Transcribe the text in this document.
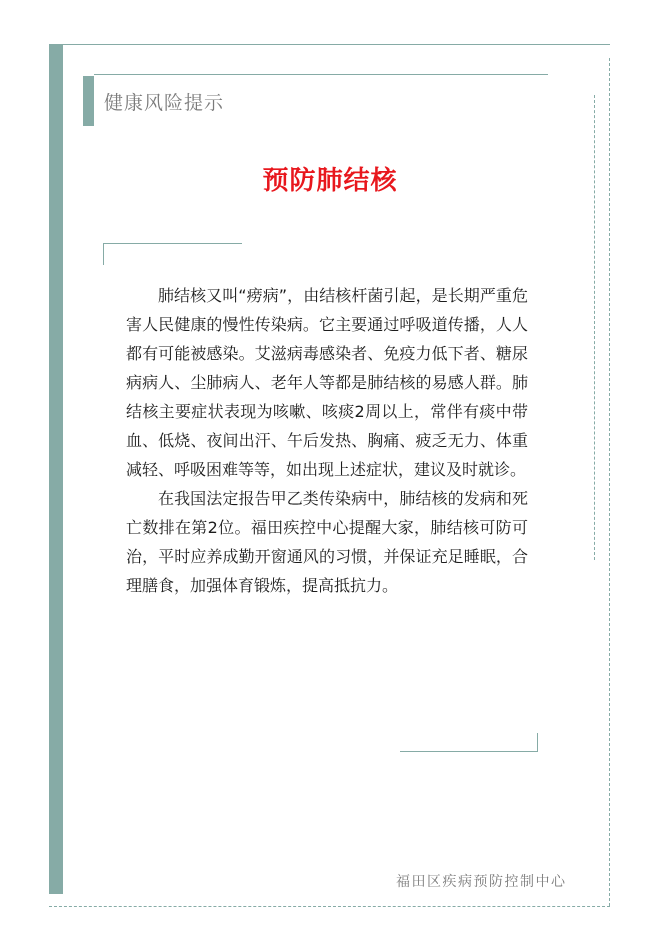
健康风险提示
预防肺结核

肺结核又叫“痨病”，由结核杆菌引起，是长期严重危害人民健康的慢性传染病。它主要通过呼吸道传播，人人都有可能被感染。艾滋病毒感染者、免疫力低下者、糖尿病病人、尘肺病人、老年人等都是肺结核的易感人群。肺结核主要症状表现为咳嗽、咳痰2周以上，常伴有痰中带血、低烧、夜间出汗、午后发热、胸痛、疲乏无力、体重减轻、呼吸困难等等，如出现上述症状，建议及时就诊。

在我国法定报告甲乙类传染病中，肺结核的发病和死亡数排在第2位。福田疾控中心提醒大家，肺结核可防可治，平时应养成勤开窗通风的习惯，并保证充足睡眠，合理膳食，加强体育锻炼，提高抵抗力。

福田区疾病预防控制中心
